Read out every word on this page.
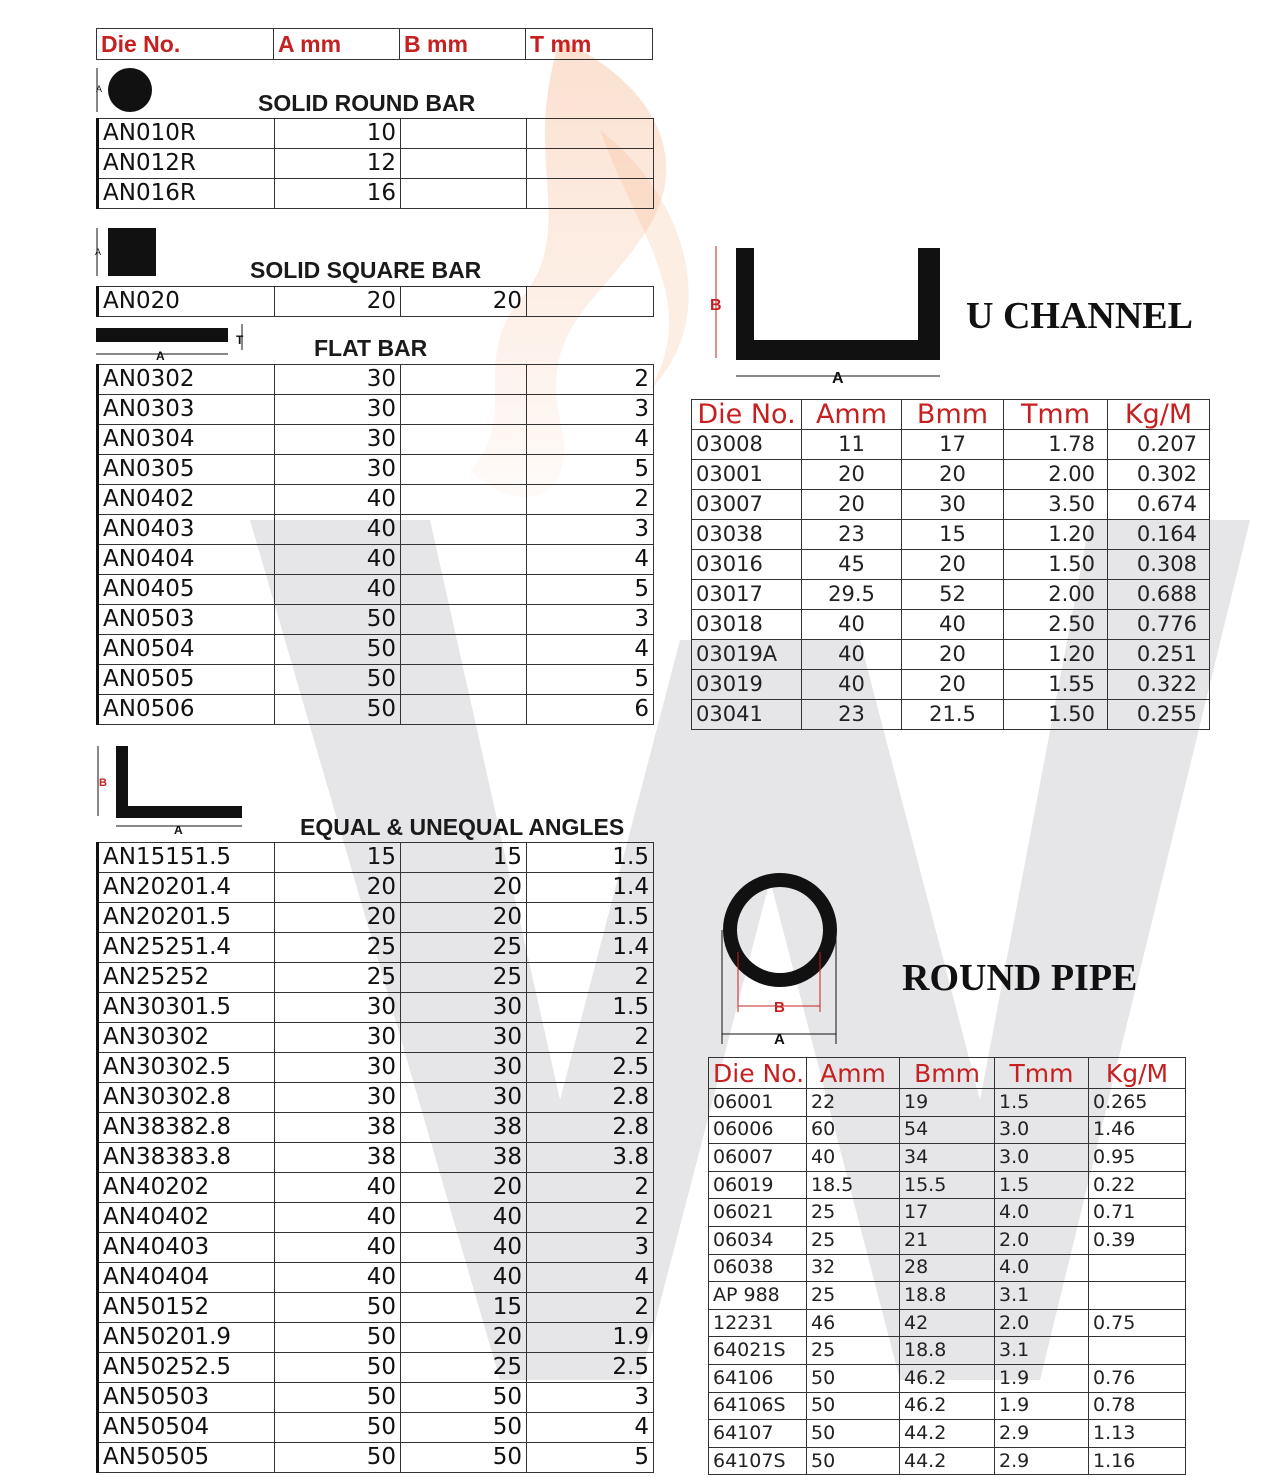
Die No.	A mm	B mm	T mm
A
SOLID ROUND BAR
AN010R	10		
AN012R	12		
AN016R	16		
A
SOLID SQUARE BAR
AN020	20	20	
A
T	FLAT BAR
AN0302	30		2
AN0303	30		3
AN0304	30		4
AN0305	30		5
AN0402	40		2
AN0403	40		3
AN0404	40		4
AN0405	40		5
AN0503	50		3
AN0504	50		4
AN0505	50		5
AN0506	50		6
B
A	EQUAL & UNEQUAL ANGLES
AN15151.5	15	15	1.5
AN20201.4	20	20	1.4
AN20201.5	20	20	1.5
AN25251.4	25	25	1.4
AN25252	25	25	2
AN30301.5	30	30	1.5
AN30302	30	30	2
AN30302.5	30	30	2.5
AN30302.8	30	30	2.8
AN38382.8	38	38	2.8
AN38383.8	38	38	3.8
AN40202	40	20	2
AN40402	40	40	2
AN40403	40	40	3
AN40404	40	40	4
AN50152	50	15	2
AN50201.9	50	20	1.9
AN50252.5	50	25	2.5
AN50503	50	50	3
AN50504	50	50	4
AN50505	50	50	5
B
A
U CHANNEL
Die No.	Amm	Bmm	Tmm	Kg/M
03008	11	17	1.78	0.207
03001	20	20	2.00	0.302
03007	20	30	3.50	0.674
03038	23	15	1.20	0.164
03016	45	20	1.50	0.308
03017	29.5	52	2.00	0.688
03018	40	40	2.50	0.776
03019A	40	20	1.20	0.251
03019	40	20	1.55	0.322
03041	23	21.5	1.50	0.255
B
A
ROUND PIPE
Die No.	Amm	Bmm	Tmm	Kg/M
06001	22	19	1.5	0.265
06006	60	54	3.0	1.46
06007	40	34	3.0	0.95
06019	18.5	15.5	1.5	0.22
06021	25	17	4.0	0.71
06034	25	21	2.0	0.39
06038	32	28	4.0	
AP 988	25	18.8	3.1	
12231	46	42	2.0	0.75
64021S	25	18.8	3.1	
64106	50	46.2	1.9	0.76
64106S	50	46.2	1.9	0.78
64107	50	44.2	2.9	1.13
64107S	50	44.2	2.9	1.16
